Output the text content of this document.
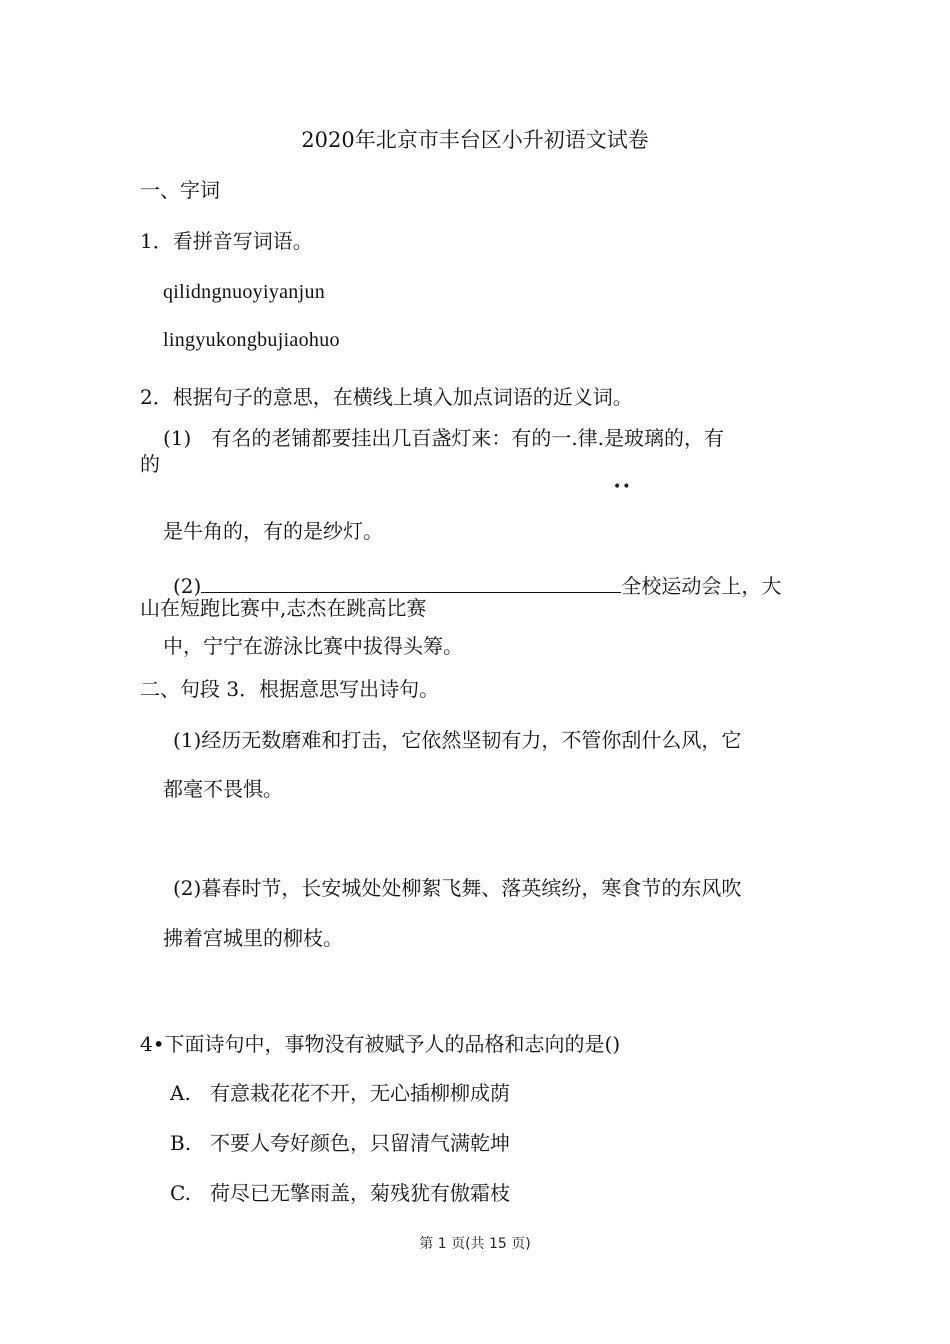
2020年北京市丰台区小升初语文试卷
一、字词
1．看拼音写词语。
qilidngnuoyiyanjun
lingyukongbujiaohuo
2．根据句子的意思，在横线上填入加点词语的近义词。
(1)　有名的老铺都要挂出几百盏灯来：有的一.律.是玻璃的，有
的
••
是牛角的，有的是纱灯。
(2)	全校运动会上，大
山在短跑比赛中,志杰在跳高比赛
中，宁宁在游泳比赛中拔得头筹。
二、句段 3．根据意思写出诗句。
(1)经历无数磨难和打击，它依然坚韧有力，不管你刮什么风，它
都毫不畏惧。
(2)暮春时节，长安城处处柳絮飞舞、落英缤纷，寒食节的东风吹
拂着宫城里的柳枝。
4•下面诗句中，事物没有被赋予人的品格和志向的是()
A. 有意栽花花不开，无心插柳柳成荫
B. 不要人夸好颜色，只留清气满乾坤
C. 荷尽已无擎雨盖，菊残犹有傲霜枝
第 1 页(共 15 页)
